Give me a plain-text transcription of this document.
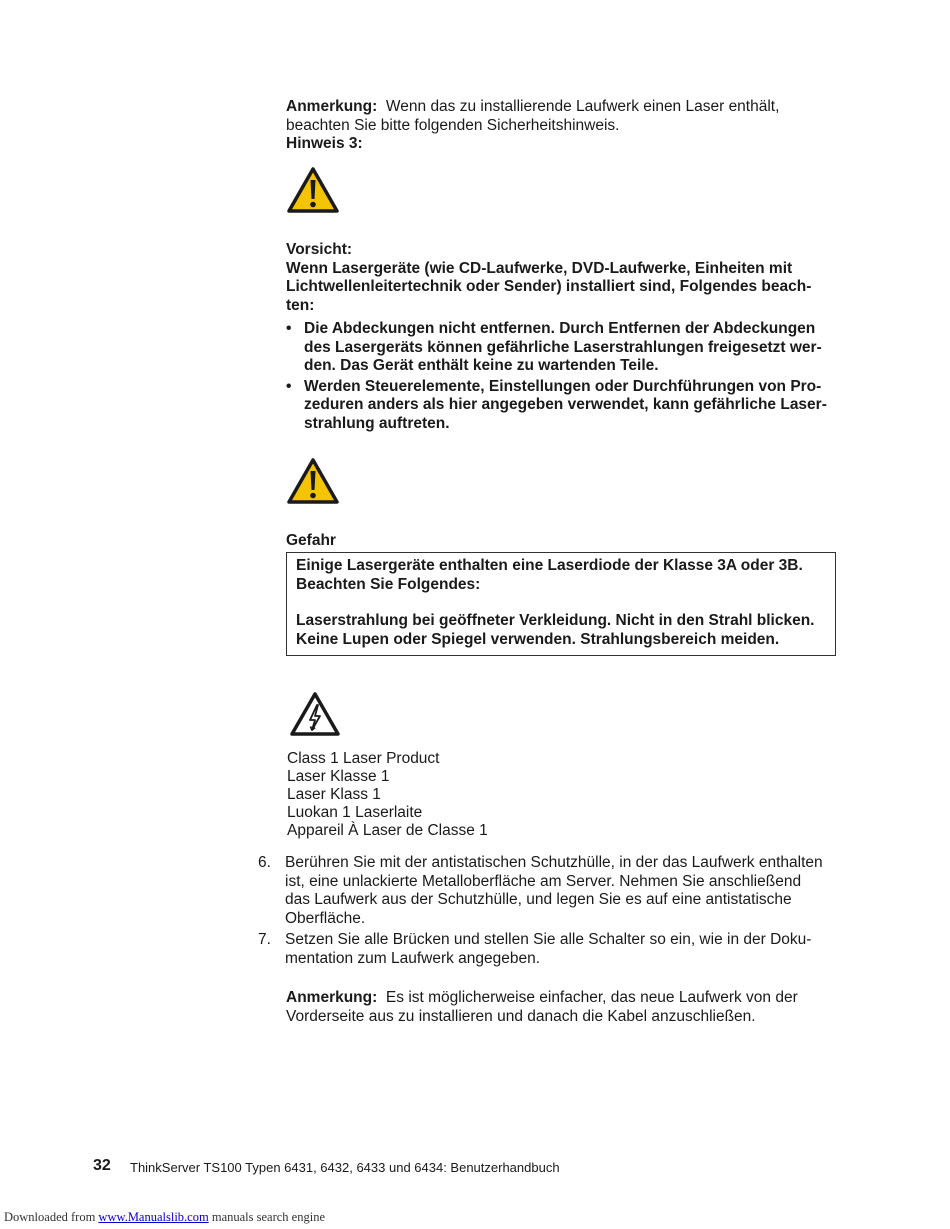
Anmerkung: Wenn das zu installierende Laufwerk einen Laser enthält,
beachten Sie bitte folgenden Sicherheitshinweis.
Hinweis 3:
Vorsicht:
Wenn Lasergeräte (wie CD-Laufwerke, DVD-Laufwerke, Einheiten mit
Lichtwellenleitertechnik oder Sender) installiert sind, Folgendes beach-
ten:
• Die Abdeckungen nicht entfernen. Durch Entfernen der Abdeckungen
des Lasergeräts können gefährliche Laserstrahlungen freigesetzt wer-
den. Das Gerät enthält keine zu wartenden Teile.
• Werden Steuerelemente, Einstellungen oder Durchführungen von Pro-
zeduren anders als hier angegeben verwendet, kann gefährliche Laser-
strahlung auftreten.
Gefahr
Einige Lasergeräte enthalten eine Laserdiode der Klasse 3A oder 3B.
Beachten Sie Folgendes:
Laserstrahlung bei geöffneter Verkleidung. Nicht in den Strahl blicken.
Keine Lupen oder Spiegel verwenden. Strahlungsbereich meiden.
Class 1 Laser Product
Laser Klasse 1
Laser Klass 1
Luokan 1 Laserlaite
Appareil À Laser de Classe 1
6. Berühren Sie mit der antistatischen Schutzhülle, in der das Laufwerk enthalten
ist, eine unlackierte Metalloberfläche am Server. Nehmen Sie anschließend
das Laufwerk aus der Schutzhülle, und legen Sie es auf eine antistatische
Oberfläche.
7. Setzen Sie alle Brücken und stellen Sie alle Schalter so ein, wie in der Doku-
mentation zum Laufwerk angegeben.
Anmerkung: Es ist möglicherweise einfacher, das neue Laufwerk von der
Vorderseite aus zu installieren und danach die Kabel anzuschließen.
32 ThinkServer TS100 Typen 6431, 6432, 6433 und 6434: Benutzerhandbuch
Downloaded from www.Manualslib.com manuals search engine
